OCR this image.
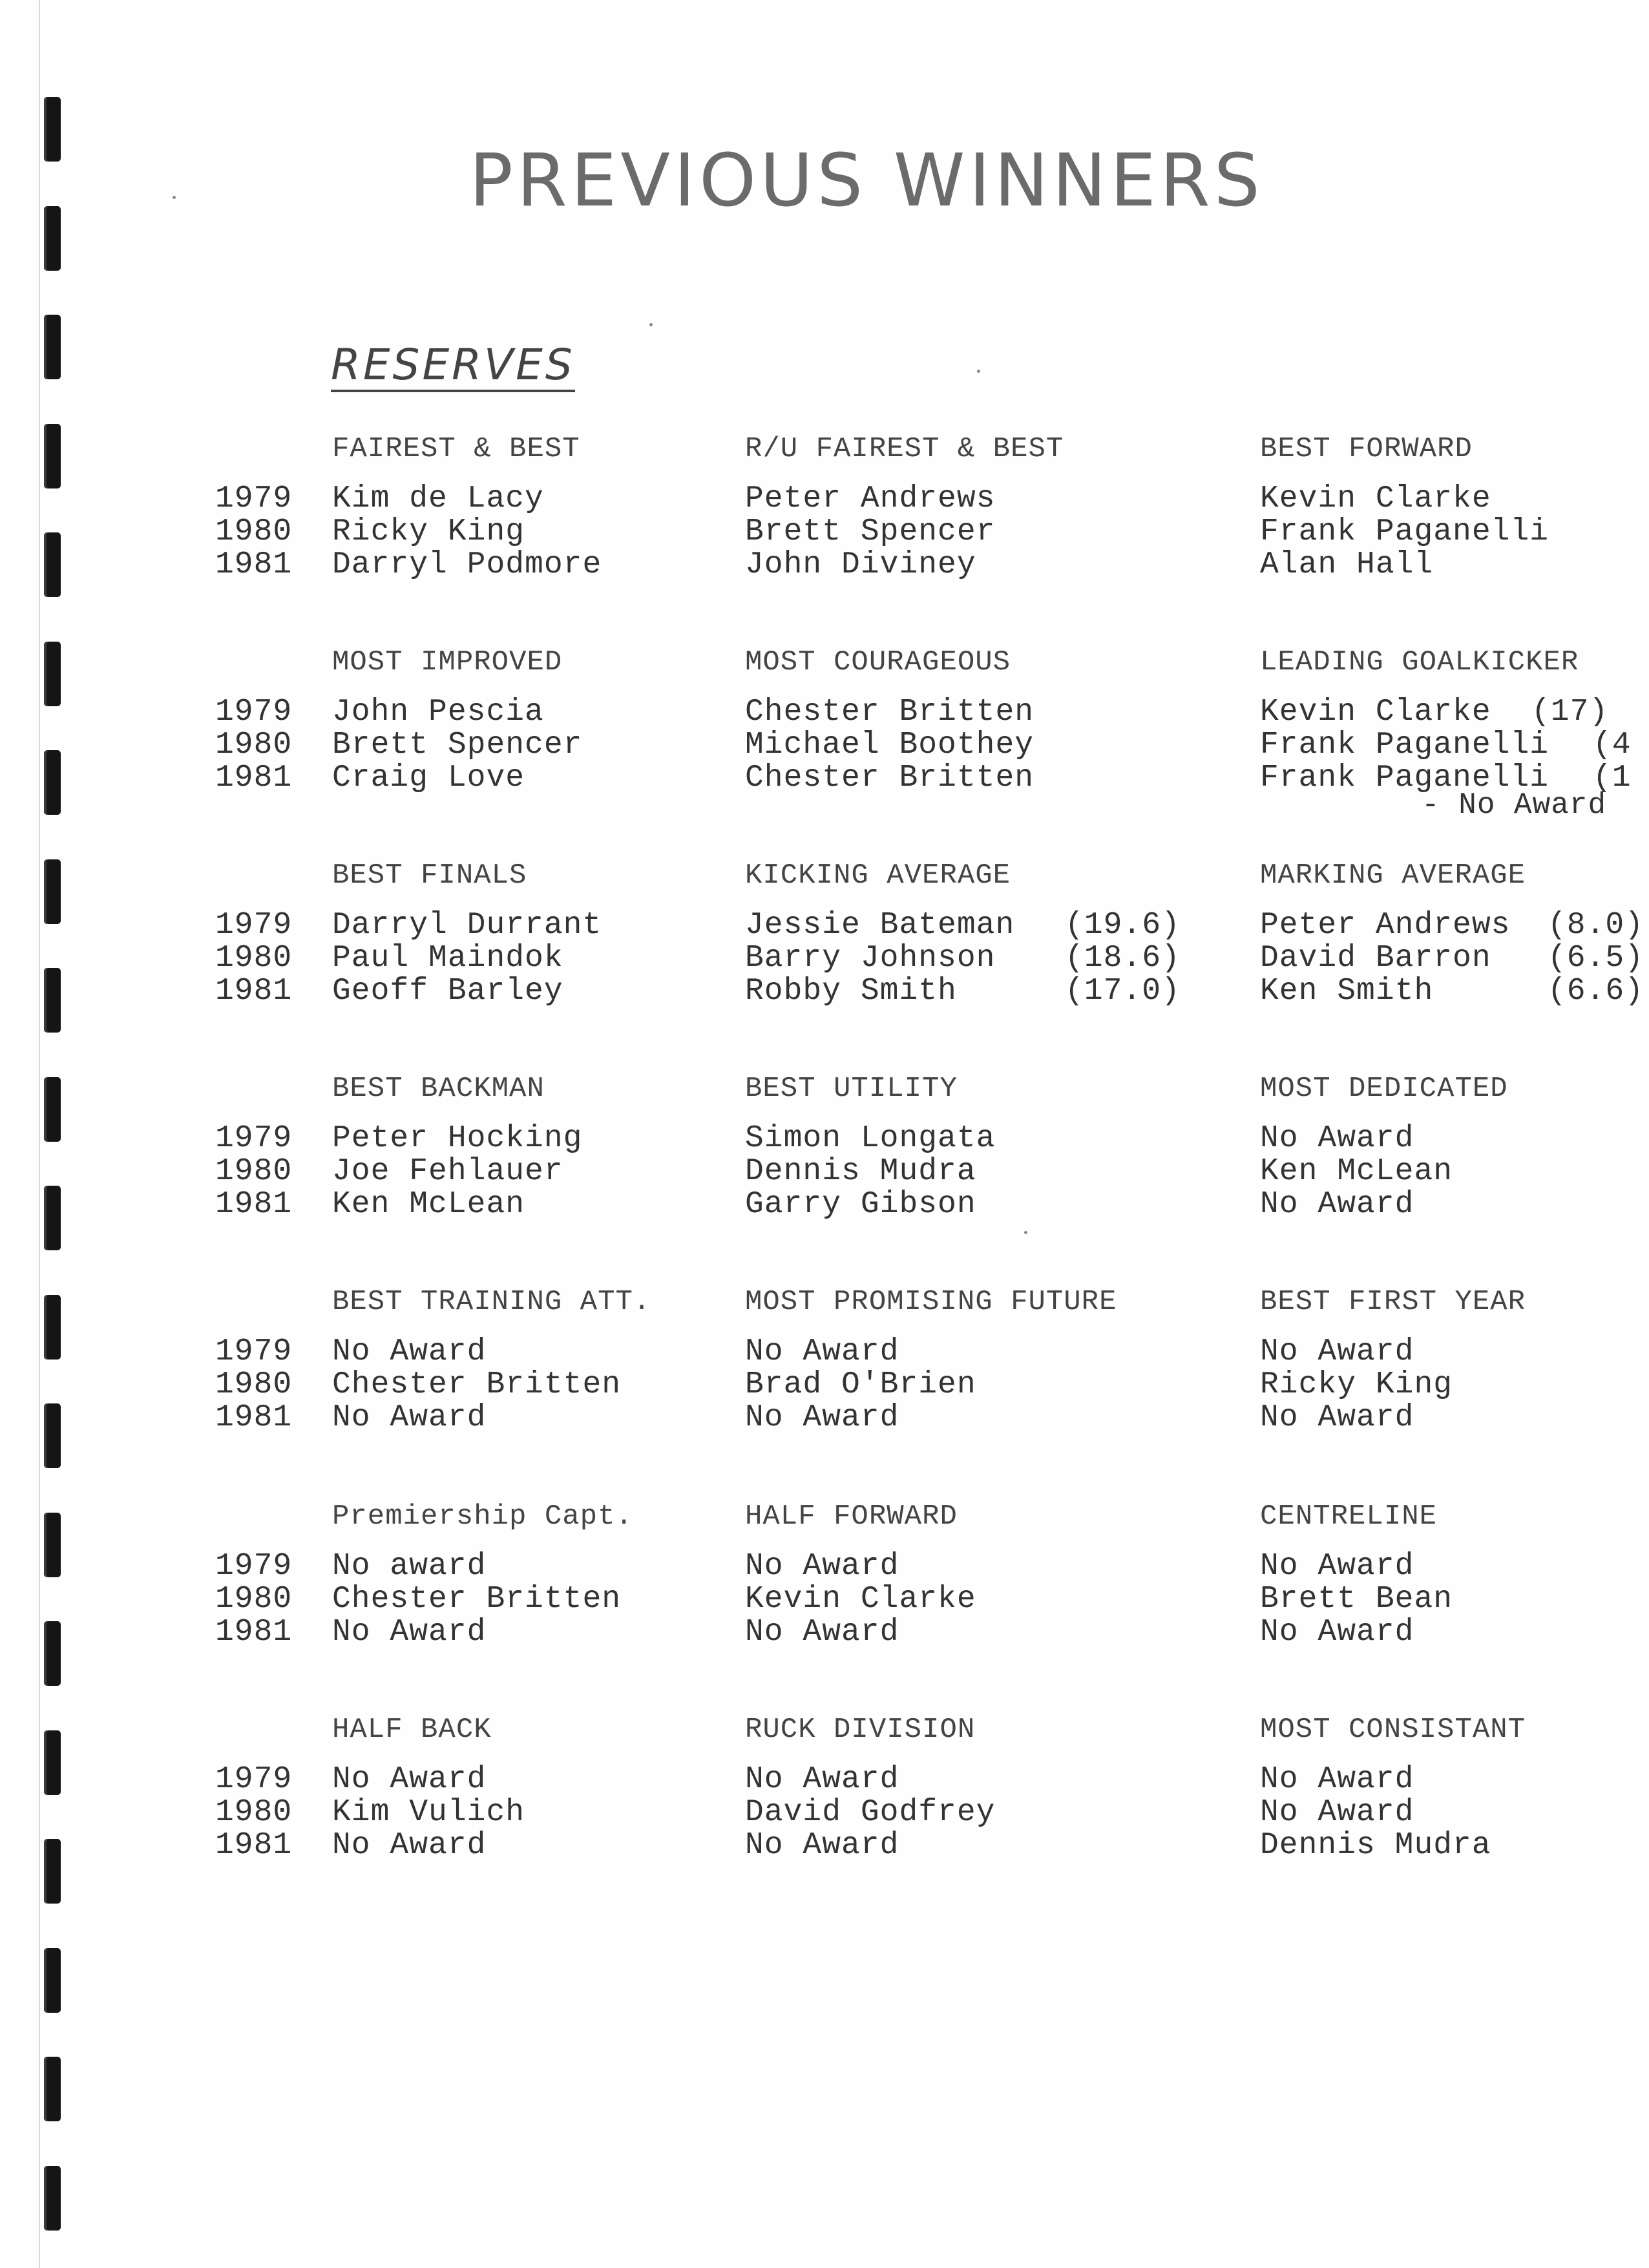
PREVIOUS WINNERS
RESERVES
1979
1980
1981
FAIREST & BEST
Kim de Lacy
Ricky King
Darryl Podmore
R/U FAIREST & BEST
Peter Andrews
Brett Spencer
John Diviney
BEST FORWARD
Kevin Clarke
Frank Paganelli
Alan Hall
1979
1980
1981
MOST IMPROVED
John Pescia
Brett Spencer
Craig Love
MOST COURAGEOUS
Chester Britten
Michael Boothey
Chester Britten
LEADING GOALKICKER
Kevin Clarke
Frank Paganelli
Frank Paganelli
(17)
(4
(1
- No Award
1979
1980
1981
BEST FINALS
Darryl Durrant
Paul Maindok
Geoff Barley
KICKING AVERAGE
Jessie Bateman
Barry Johnson
Robby Smith
(19.6)
(18.6)
(17.0)
MARKING AVERAGE
Peter Andrews
David Barron
Ken Smith
(8.0)
(6.5)
(6.6)
1979
1980
1981
BEST BACKMAN
Peter Hocking
Joe Fehlauer
Ken McLean
BEST UTILITY
Simon Longata
Dennis Mudra
Garry Gibson
MOST DEDICATED
No Award
Ken McLean
No Award
1979
1980
1981
BEST TRAINING ATT.
No Award
Chester Britten
No Award
MOST PROMISING FUTURE
No Award
Brad O'Brien
No Award
BEST FIRST YEAR
No Award
Ricky King
No Award
1979
1980
1981
Premiership Capt.
No award
Chester Britten
No Award
HALF FORWARD
No Award
Kevin Clarke
No Award
CENTRELINE
No Award
Brett Bean
No Award
1979
1980
1981
HALF BACK
No Award
Kim Vulich
No Award
RUCK DIVISION
No Award
David Godfrey
No Award
MOST CONSISTANT
No Award
No Award
Dennis Mudra
